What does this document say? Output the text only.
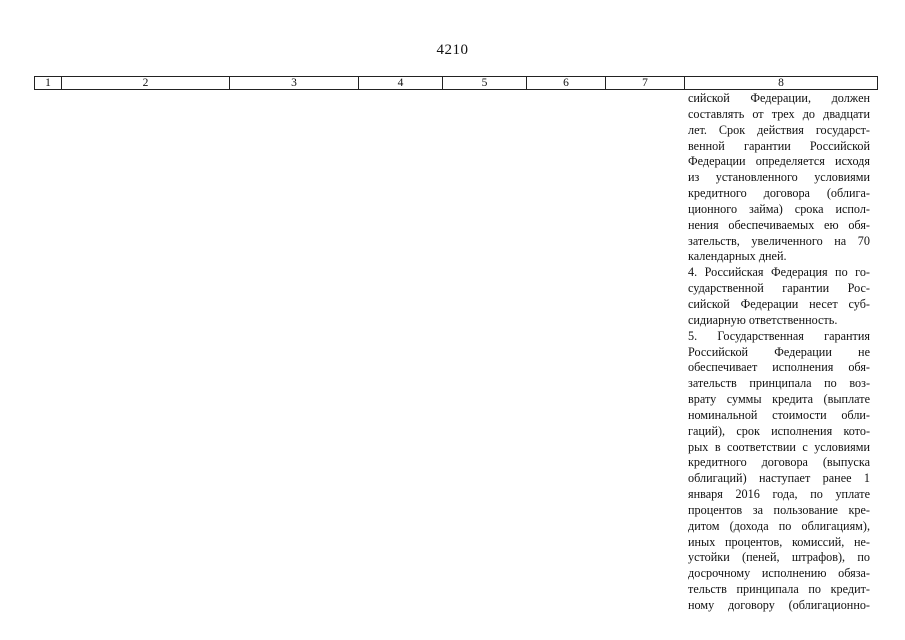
4210
1	2	3	4	5	6	7	8

сийской Федерации, должен
составлять от трех до двадцати
лет. Срок действия государст-
венной гарантии Российской
Федерации определяется исходя
из установленного условиями
кредитного договора (облига-
ционного займа) срока испол-
нения обеспечиваемых ею обя-
зательств, увеличенного на 70
календарных дней.

4. Российская Федерация по го-
сударственной гарантии Рос-
сийской Федерации несет суб-
сидиарную ответственность.

5. Государственная гарантия
Российской Федерации не
обеспечивает исполнения обя-
зательств принципала по воз-
врату суммы кредита (выплате
номинальной стоимости обли-
гаций), срок исполнения кото-
рых в соответствии с условиями
кредитного договора (выпуска
облигаций) наступает ранее 1
января 2016 года, по уплате
процентов за пользование кре-
дитом (дохода по облигациям),
иных процентов, комиссий, не-
устойки (пеней, штрафов), по
досрочному исполнению обяза-
тельств принципала по кредит-
ному договору (облигационно-
